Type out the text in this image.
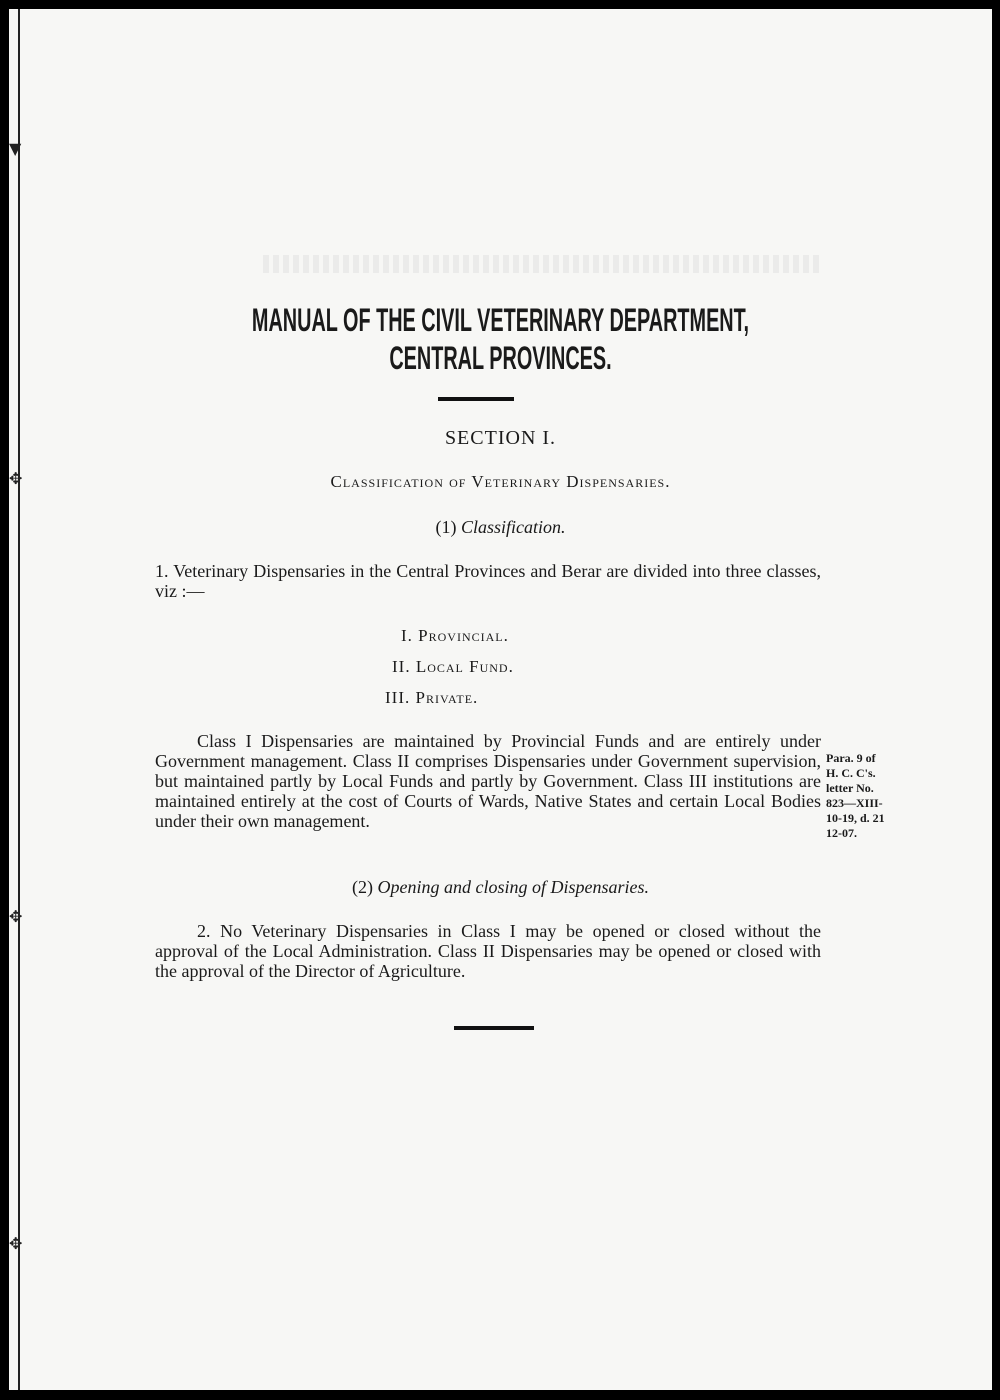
▼
✥
✥
✥
MANUAL OF THE CIVIL VETERINARY DEPARTMENT,
CENTRAL PROVINCES.
SECTION I.
Classification of Veterinary Dispensaries.
(1) Classification.
1. Veterinary Dispensaries in the Central Provinces and Berar are divided into three classes, viz :—
I. Provincial.
II. Local Fund.
III. Private.
Class I Dispensaries are maintained by Provincial Funds and are entirely under Government management. Class II comprises Dispensaries under Government supervision, but maintained partly by Local Funds and partly by Government. Class III institutions are maintained entirely at the cost of Courts of Wards, Native States and certain Local Bodies under their own management.
Para. 9 of
H. C. C's.
letter No.
823—XIII-
10-19, d. 21
12-07.
(2) Opening and closing of Dispensaries.
2. No Veterinary Dispensaries in Class I may be opened or closed without the approval of the Local Administration. Class II Dispensaries may be opened or closed with the approval of the Director of Agriculture.
